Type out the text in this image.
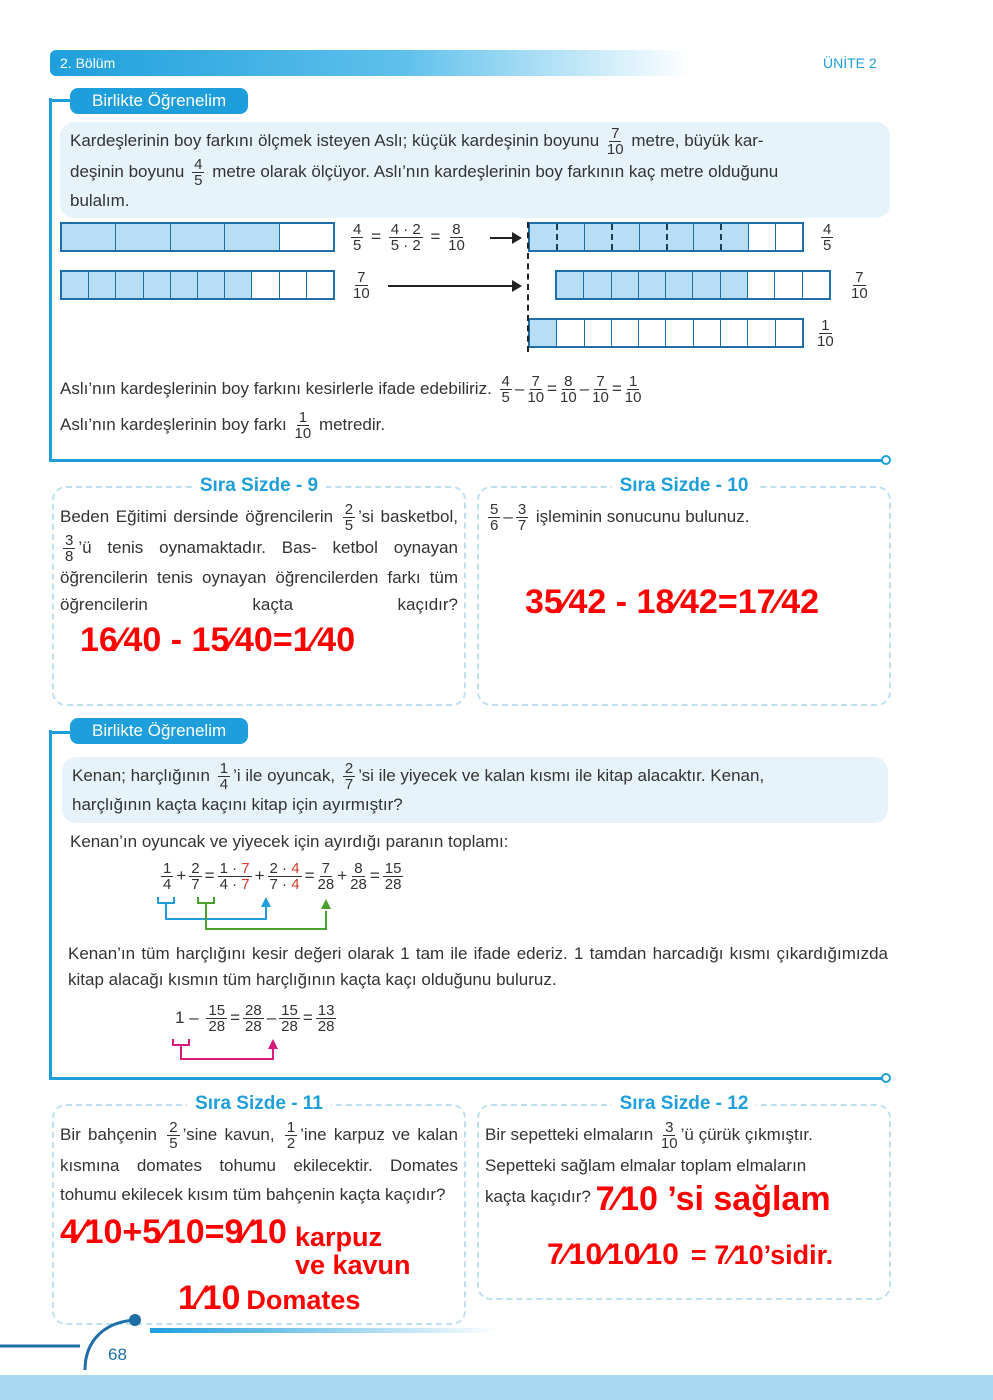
2. Bölüm	ÜNİTE 2
Birlikte Öğrenelim
Kardeşlerinin boy farkını ölçmek isteyen Aslı; küçük kardeşinin boyunu $\frac{7}{10}$ metre, büyük kar-
deşinin boyunu $\frac{4}{5}$ metre olarak ölçüyor. Aslı’nın kardeşlerinin boy farkının kaç metre olduğunu
bulalım.
$\frac{4}{5} = \frac{4 \cdot 2}{5 \cdot 2} = \frac{8}{10}$
$\frac{7}{10}$
$\frac{4}{5}$
$\frac{7}{10}$
$\frac{1}{10}$
Aslı’nın kardeşlerinin boy farkını kesirlerle ifade edebiliriz. $\frac{4}{5} - \frac{7}{10} = \frac{8}{10} - \frac{7}{10} = \frac{1}{10}$
Aslı’nın kardeşlerinin boy farkı $\frac{1}{10}$ metredir.
Sıra Sizde - 9
Beden Eğitimi dersinde öğrencilerin $\frac{2}{5}$ ’si basketbol,
$\frac{3}{8}$ ’ü tenis oynamaktadır. Bas- ketbol oynayan öğrencilerin tenis oynayan öğrencilerden farkı tüm öğrencilerin kaçta kaçıdır? 16⁄40 - 15⁄40=1⁄40
Sıra Sizde - 10
$\frac{5}{6} - \frac{3}{7}$ işleminin sonucunu bulunuz.
35⁄42 - 18⁄42=17⁄42
Birlikte Öğrenelim
Kenan; harçlığının $\frac{1}{4}$ ’i ile oyuncak, $\frac{2}{7}$ ’si ile yiyecek ve kalan kısmı ile kitap alacaktır. Kenan,
harçlığının kaçta kaçını kitap için ayırmıştır?
Kenan’ın oyuncak ve yiyecek için ayırdığı paranın toplamı:
$\frac{1}{4} + \frac{2}{7} = \frac{1 \cdot 7}{4 \cdot 7} + \frac{2 \cdot 4}{7 \cdot 4} = \frac{7}{28} + \frac{8}{28} = \frac{15}{28}$
Kenan’ın tüm harçlığını kesir değeri olarak 1 tam ile ifade ederiz. 1 tamdan harcadığı kısmı çıkardığımızda kitap alacağı kısmın tüm harçlığının kaçta kaçı olduğunu buluruz.
$1 - \frac{15}{28} = \frac{28}{28} - \frac{15}{28} = \frac{13}{28}$
Sıra Sizde - 11
Bir bahçenin $\frac{2}{5}$ ’sine kavun, $\frac{1}{2}$ ’ine karpuz ve kalan kısmına domates tohumu ekilecektir. Domates tohumu ekilecek kısım tüm bahçenin kaçta kaçıdır?
4⁄10+5⁄10=9⁄10 karpuz
ve kavun
1⁄10 Domates
Sıra Sizde - 12
Bir sepetteki elmaların $\frac{3}{10}$ ’ü çürük çıkmıştır.
Sepetteki sağlam elmalar toplam elmaların
kaçta kaçıdır? 7⁄10 ’si sağlam
7⁄10⁄10⁄10 = 7⁄10’sidir.
68
